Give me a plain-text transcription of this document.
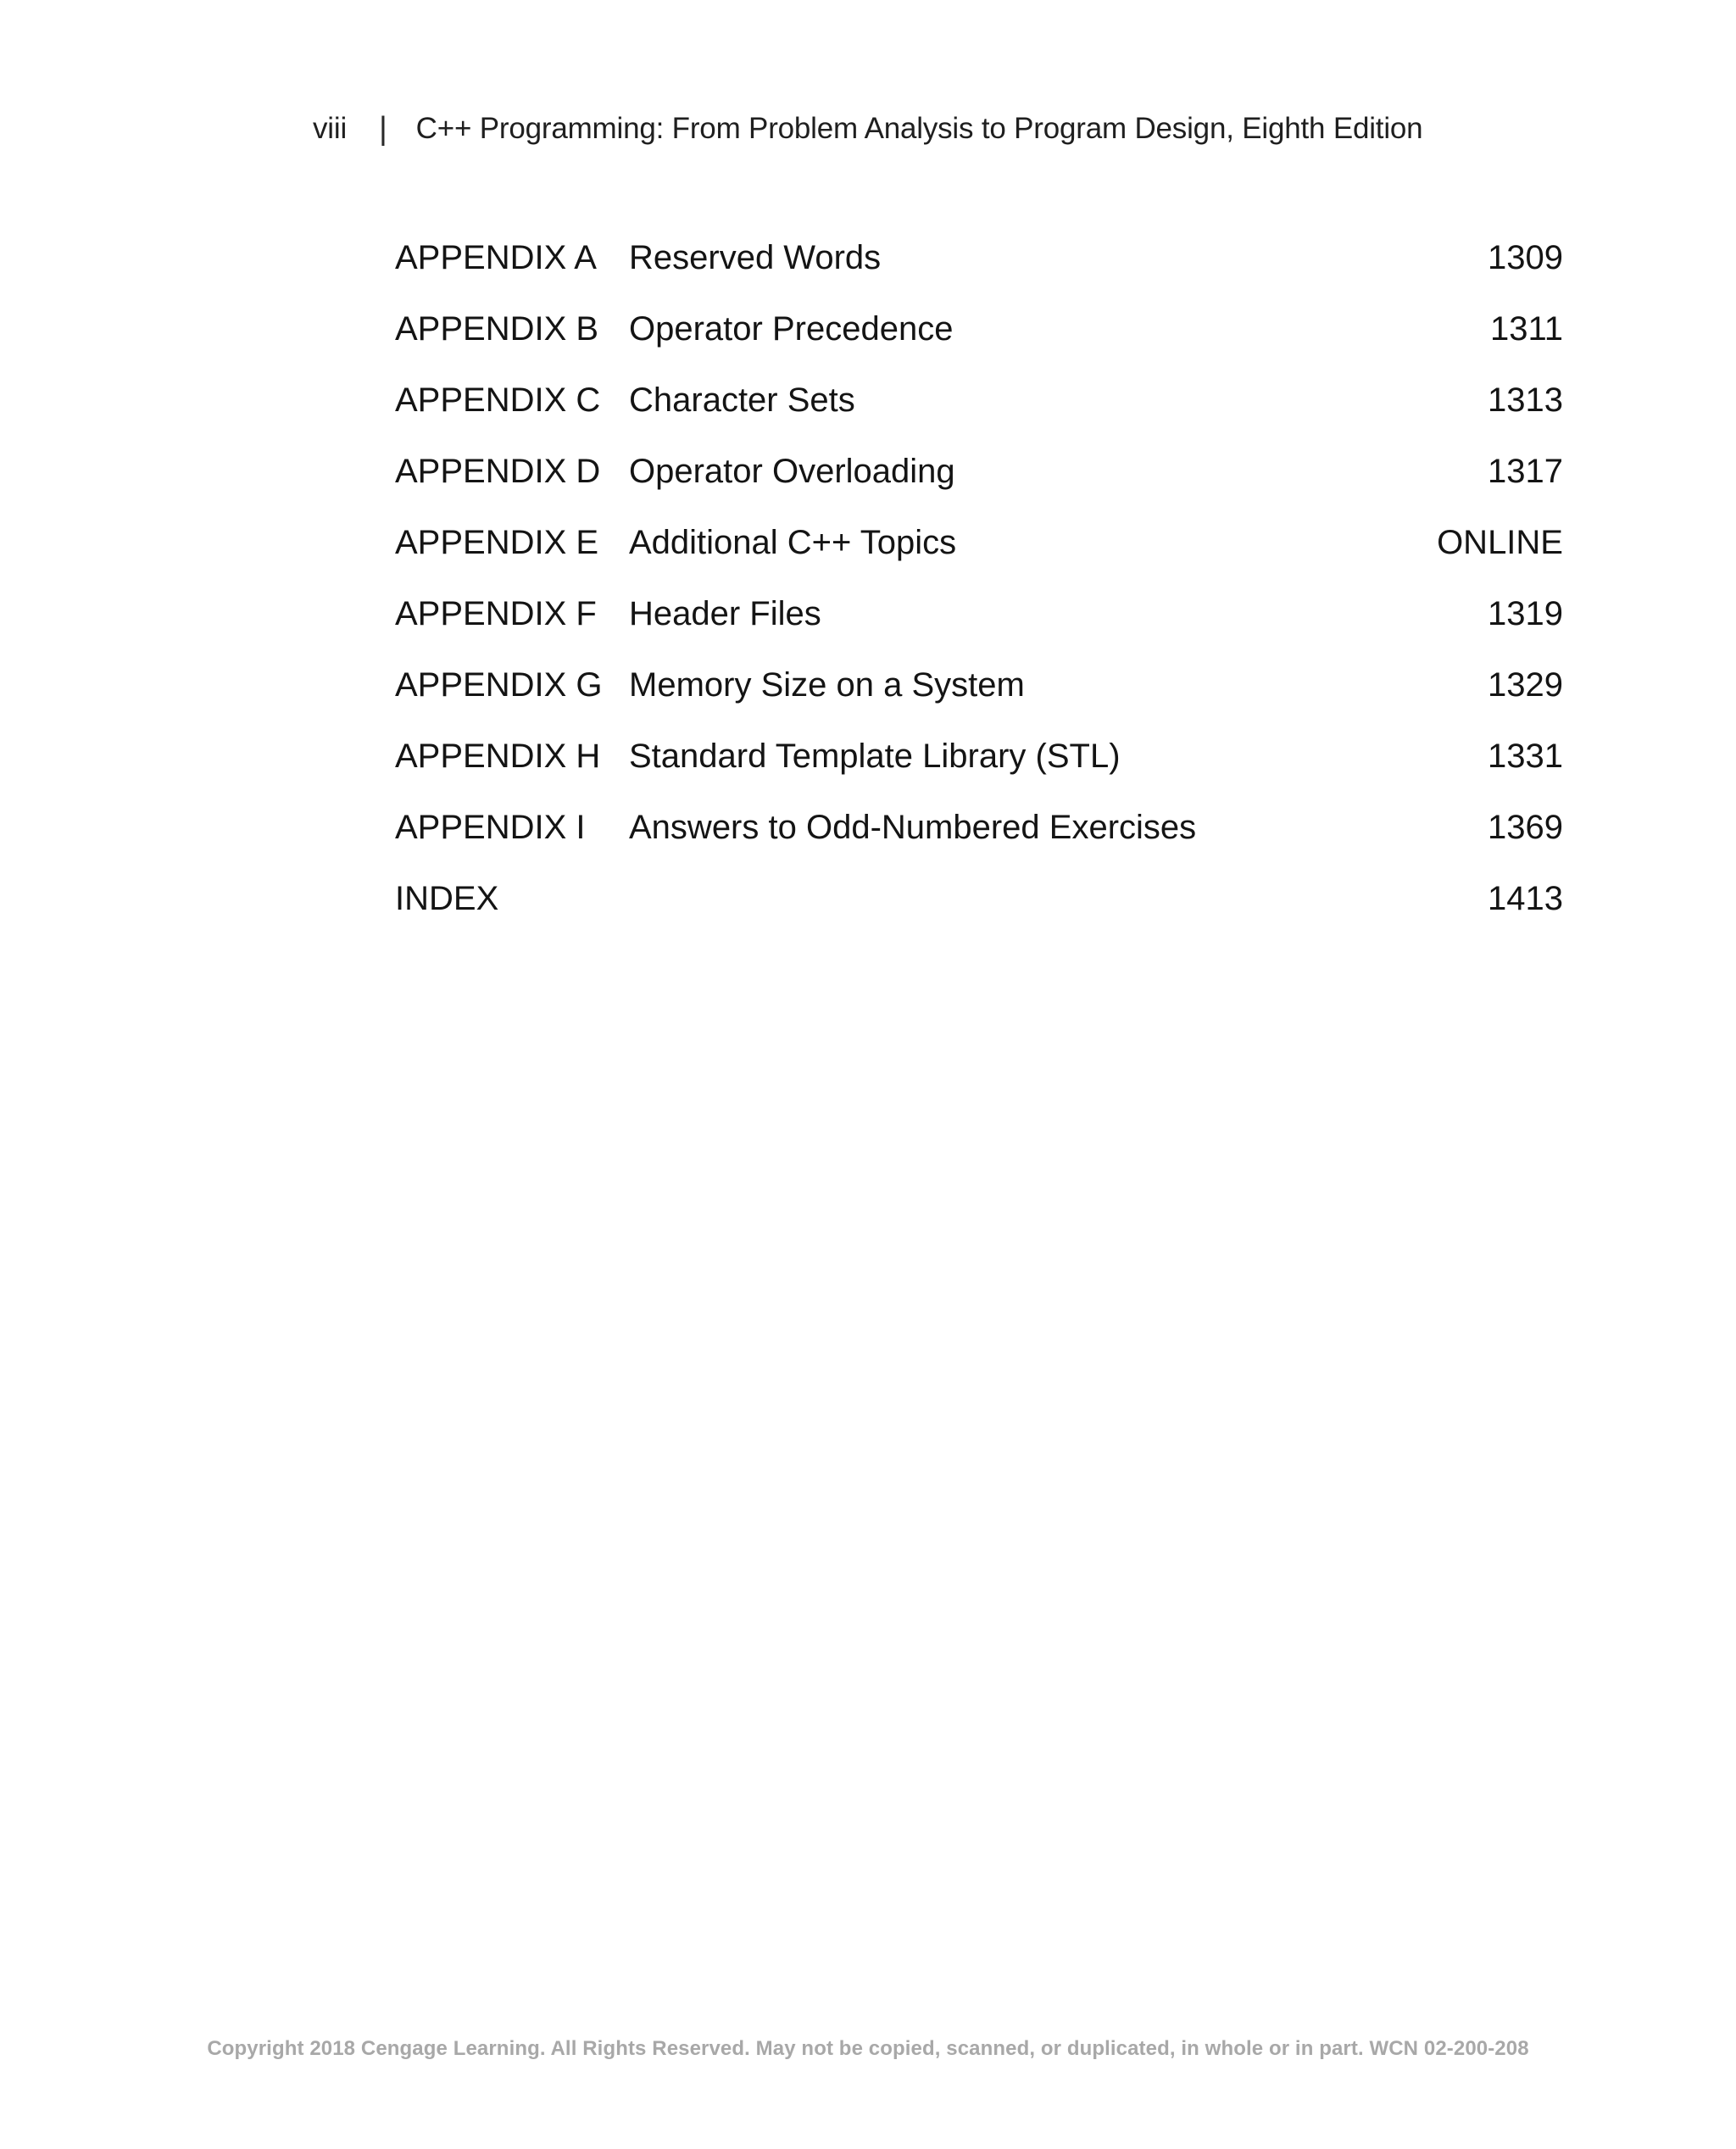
viii | C++ Programming: From Problem Analysis to Program Design, Eighth Edition
APPENDIX A Reserved Words	1309
APPENDIX B Operator Precedence	1311
APPENDIX C Character Sets	1313
APPENDIX D Operator Overloading	1317
APPENDIX E Additional C++ Topics	ONLINE
APPENDIX F Header Files	1319
APPENDIX G Memory Size on a System	1329
APPENDIX H Standard Template Library (STL)	1331
APPENDIX I	Answers to Odd-Numbered Exercises	1369
INDEX	1413
Copyright 2018 Cengage Learning. All Rights Reserved. May not be copied, scanned, or duplicated, in whole or in part. WCN 02-200-208
